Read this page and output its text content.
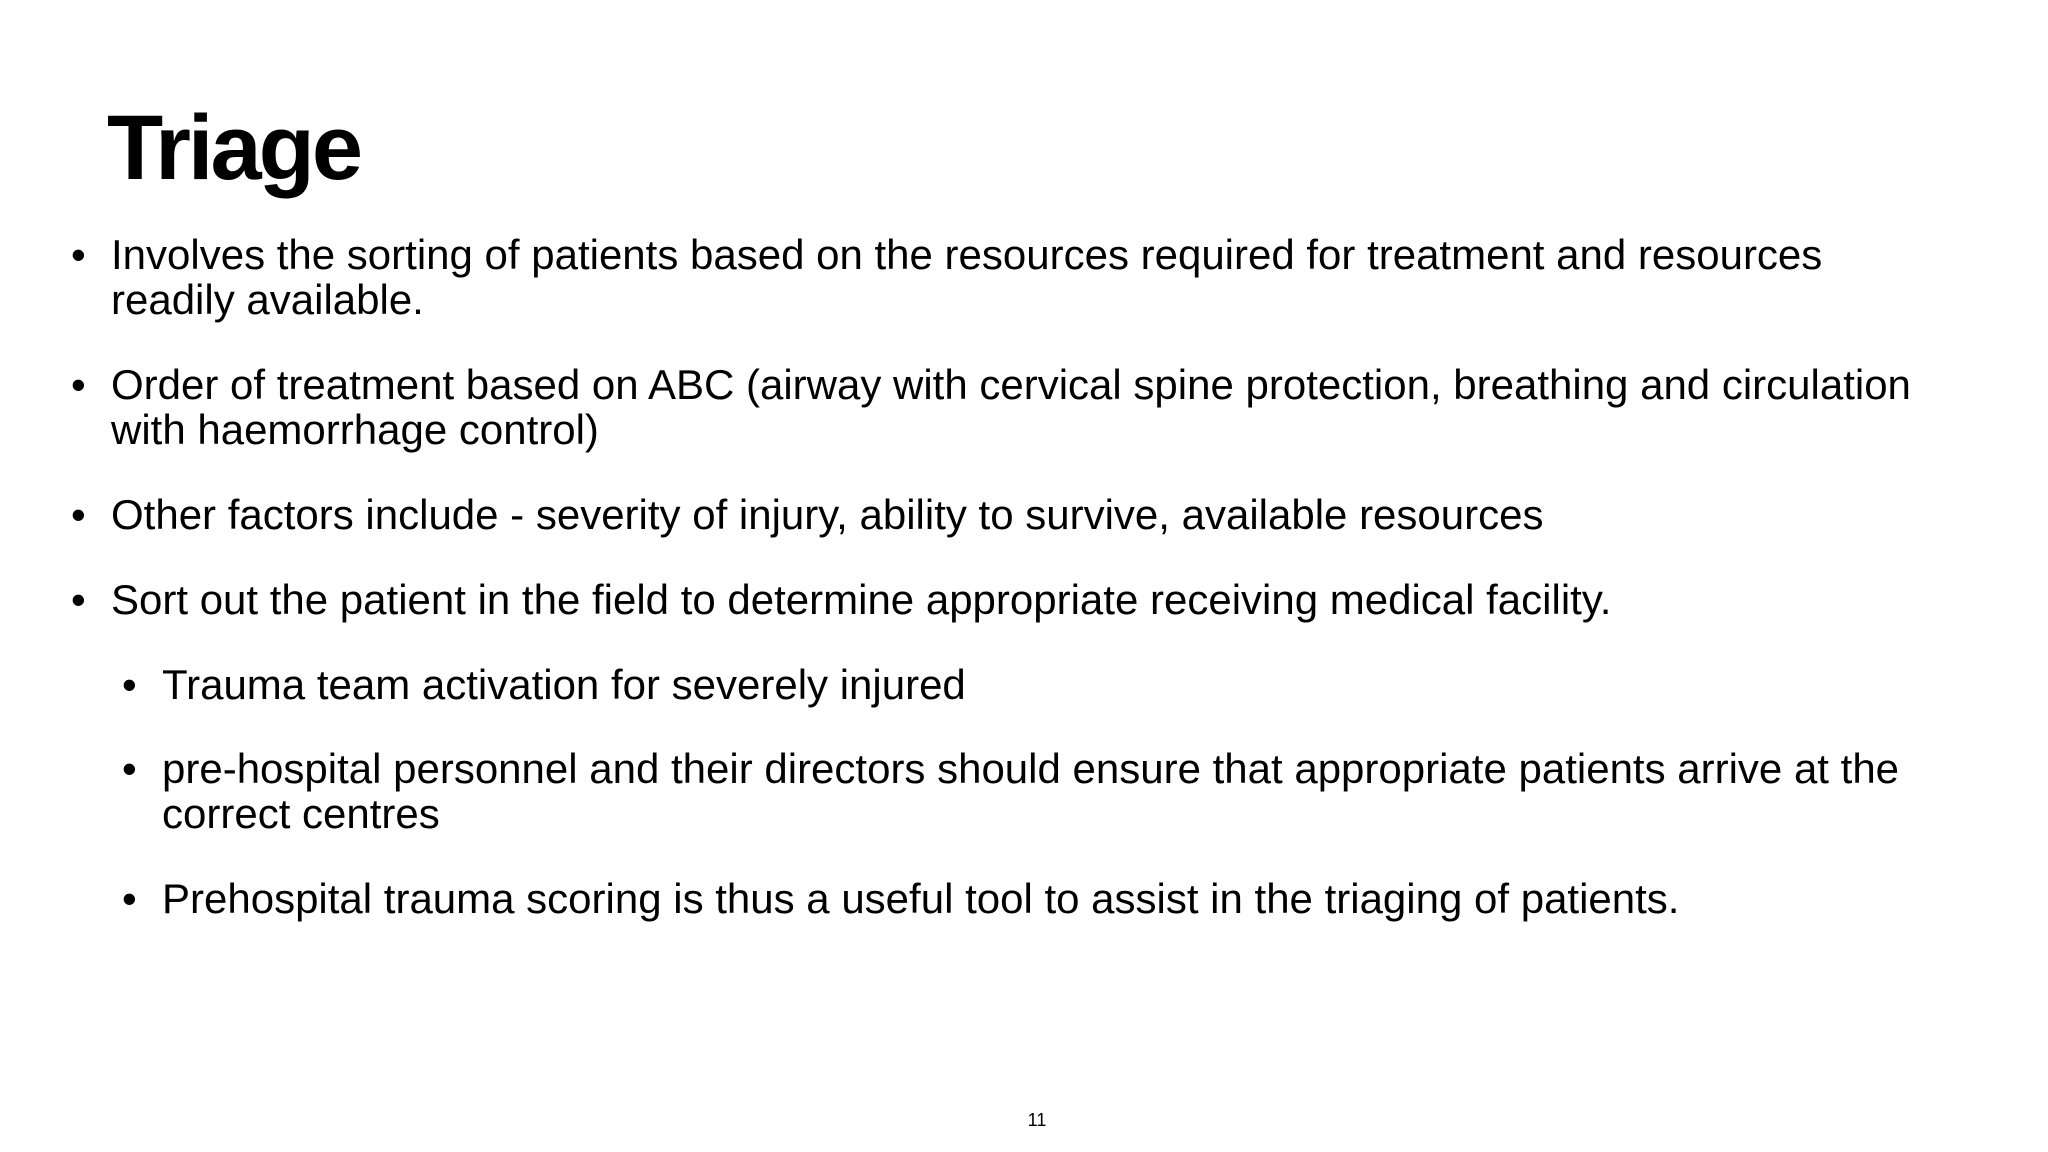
Triage
• Involves the sorting of patients based on the resources required for treatment and resources readily available.
• Order of treatment based on ABC (airway with cervical spine protection, breathing and circulation with haemorrhage control)
• Other factors include - severity of injury, ability to survive, available resources
• Sort out the patient in the field to determine appropriate receiving medical facility.
• Trauma team activation for severely injured
• pre-hospital personnel and their directors should ensure that appropriate patients arrive at the correct centres
• Prehospital trauma scoring is thus a useful tool to assist in the triaging of patients.
11
